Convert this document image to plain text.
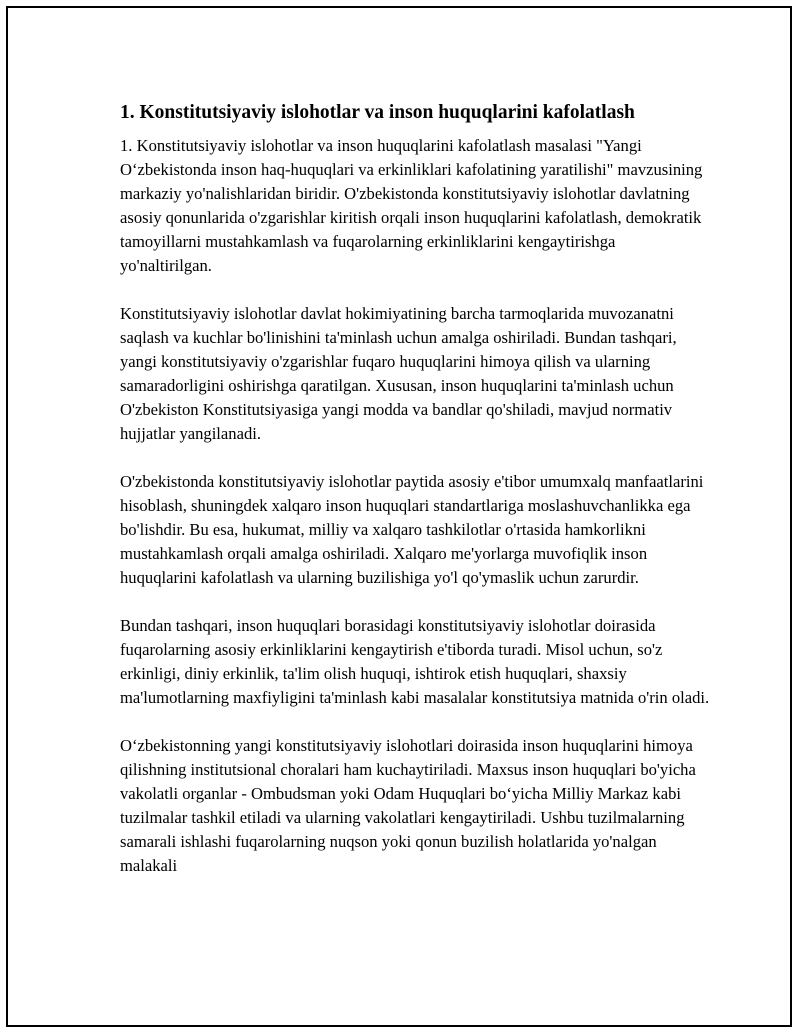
1. Konstitutsiyaviy islohotlar va inson huquqlarini kafolatlash

1. Konstitutsiyaviy islohotlar va inson huquqlarini kafolatlash masalasi "Yangi O‘zbekistonda inson haq-huquqlari va erkinliklari kafolatining yaratilishi" mavzusining markaziy yo'nalishlaridan biridir. O'zbekistonda konstitutsiyaviy islohotlar davlatning asosiy qonunlarida o'zgarishlar kiritish orqali inson huquqlarini kafolatlash, demokratik tamoyillarni mustahkamlash va fuqarolarning erkinliklarini kengaytirishga yo'naltirilgan.

Konstitutsiyaviy islohotlar davlat hokimiyatining barcha tarmoqlarida muvozanatni saqlash va kuchlar bo'linishini ta'minlash uchun amalga oshiriladi. Bundan tashqari, yangi konstitutsiyaviy o'zgarishlar fuqaro huquqlarini himoya qilish va ularning samaradorligini oshirishga qaratilgan. Xususan, inson huquqlarini ta'minlash uchun O'zbekiston Konstitutsiyasiga yangi modda va bandlar qo'shiladi, mavjud normativ hujjatlar yangilanadi.

O'zbekistonda konstitutsiyaviy islohotlar paytida asosiy e'tibor umumxalq manfaatlarini hisoblash, shuningdek xalqaro inson huquqlari standartlariga moslashuvchanlikka ega bo'lishdir. Bu esa, hukumat, milliy va xalqaro tashkilotlar o'rtasida hamkorlikni mustahkamlash orqali amalga oshiriladi. Xalqaro me'yorlarga muvofiqlik inson huquqlarini kafolatlash va ularning buzilishiga yo'l qo'ymaslik uchun zarurdir.

Bundan tashqari, inson huquqlari borasidagi konstitutsiyaviy islohotlar doirasida fuqarolarning asosiy erkinliklarini kengaytirish e'tiborda turadi. Misol uchun, so'z erkinligi, diniy erkinlik, ta'lim olish huquqi, ishtirok etish huquqlari, shaxsiy ma'lumotlarning maxfiyligini ta'minlash kabi masalalar konstitutsiya matnida o'rin oladi.

O‘zbekistonning yangi konstitutsiyaviy islohotlari doirasida inson huquqlarini himoya qilishning institutsional choralari ham kuchaytiriladi. Maxsus inson huquqlari bo'yicha vakolatli organlar - Ombudsman yoki Odam Huquqlari bo‘yicha Milliy Markaz kabi tuzilmalar tashkil etiladi va ularning vakolatlari kengaytiriladi. Ushbu tuzilmalarning samarali ishlashi fuqarolarning nuqson yoki qonun buzilish holatlarida yo'nalgan malakali
